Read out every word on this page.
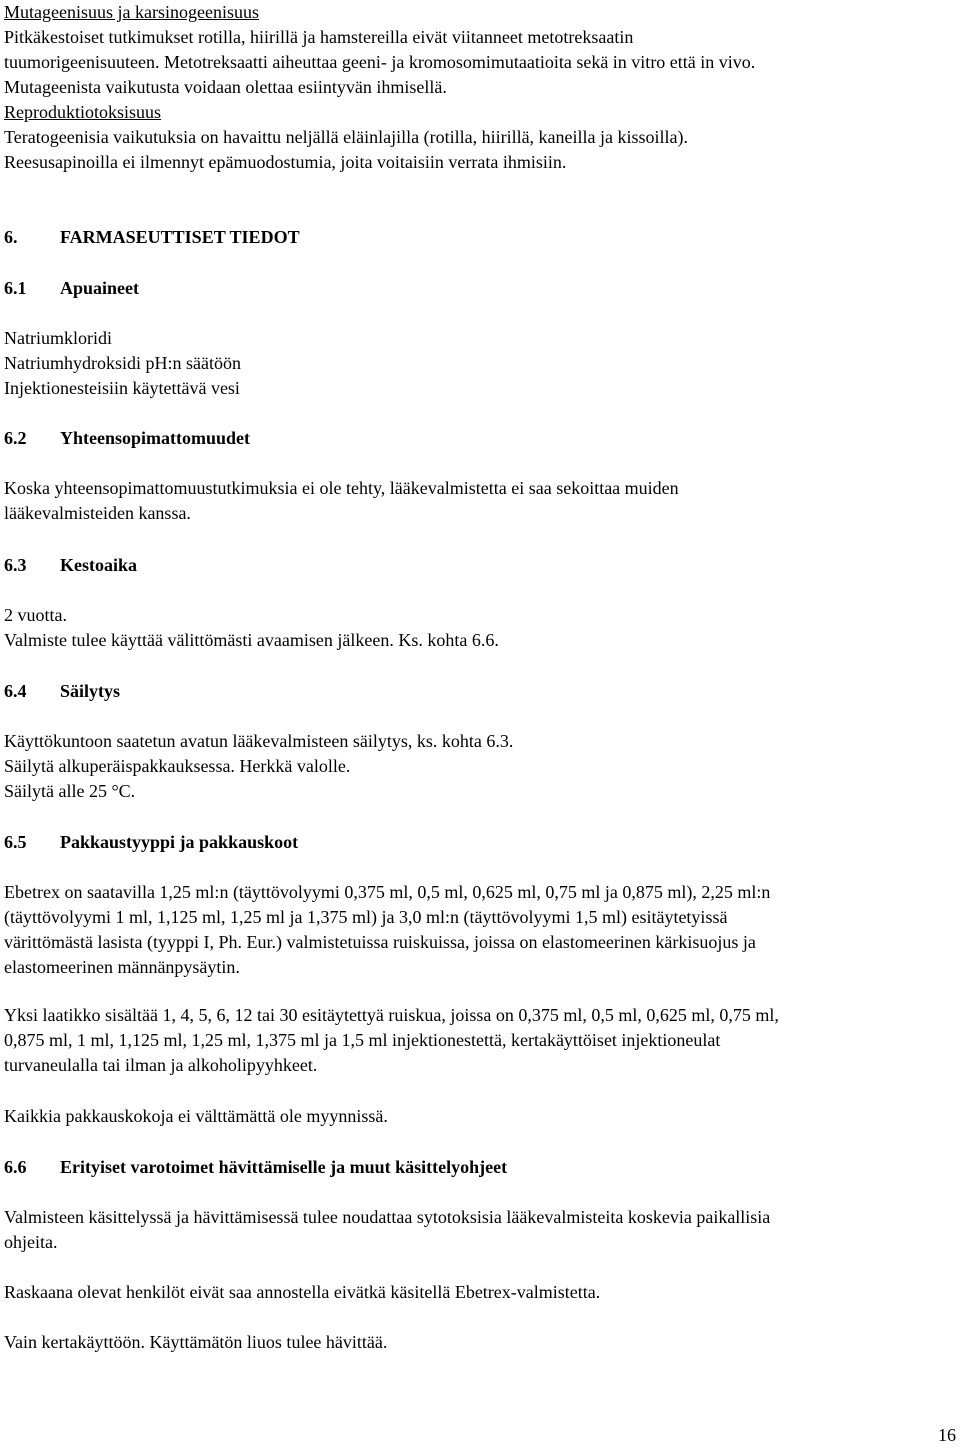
Mutageenisuus ja karsinogeenisuus
Pitkäkestoiset tutkimukset rotilla, hiirillä ja hamstereilla eivät viitanneet metotreksaatin
tuumorigeenisuuteen. Metotreksaatti aiheuttaa geeni- ja kromosomimutaatioita sekä in vitro että in vivo.
Mutageenista vaikutusta voidaan olettaa esiintyvän ihmisellä.
Reproduktiotoksisuus
Teratogeenisia vaikutuksia on havaittu neljällä eläinlajilla (rotilla, hiirillä, kaneilla ja kissoilla).
Reesusapinoilla ei ilmennyt epämuodostumia, joita voitaisiin verrata ihmisiin.
6.	FARMASEUTTISET TIEDOT
6.1	Apuaineet
Natriumkloridi
Natriumhydroksidi pH:n säätöön
Injektionesteisiin käytettävä vesi
6.2	Yhteensopimattomuudet
Koska yhteensopimattomuustutkimuksia ei ole tehty, lääkevalmistetta ei saa sekoittaa muiden
lääkevalmisteiden kanssa.
6.3	Kestoaika
2 vuotta.
Valmiste tulee käyttää välittömästi avaamisen jälkeen. Ks. kohta 6.6.
6.4	Säilytys
Käyttökuntoon saatetun avatun lääkevalmisteen säilytys, ks. kohta 6.3.
Säilytä alkuperäispakkauksessa. Herkkä valolle.
Säilytä alle 25 °C.
6.5	Pakkaustyyppi ja pakkauskoot
Ebetrex on saatavilla 1,25 ml:n (täyttövolyymi 0,375 ml, 0,5 ml, 0,625 ml, 0,75 ml ja 0,875 ml), 2,25 ml:n
(täyttövolyymi 1 ml, 1,125 ml, 1,25 ml ja 1,375 ml) ja 3,0 ml:n (täyttövolyymi 1,5 ml) esitäytetyissä
värittömästä lasista (tyyppi I, Ph. Eur.) valmistetuissa ruiskuissa, joissa on elastomeerinen kärkisuojus ja
elastomeerinen männänpysäytin.
Yksi laatikko sisältää 1, 4, 5, 6, 12 tai 30 esitäytettyä ruiskua, joissa on 0,375 ml, 0,5 ml, 0,625 ml, 0,75 ml,
0,875 ml, 1 ml, 1,125 ml, 1,25 ml, 1,375 ml ja 1,5 ml injektionestettä, kertakäyttöiset injektioneulat
turvaneulalla tai ilman ja alkoholipyyhkeet.
Kaikkia pakkauskokoja ei välttämättä ole myynnissä.
6.6	Erityiset varotoimet hävittämiselle ja muut käsittelyohjeet
Valmisteen käsittelyssä ja hävittämisessä tulee noudattaa sytotoksisia lääkevalmisteita koskevia paikallisia
ohjeita.
Raskaana olevat henkilöt eivät saa annostella eivätkä käsitellä Ebetrex-valmistetta.
Vain kertakäyttöön. Käyttämätön liuos tulee hävittää.
16
